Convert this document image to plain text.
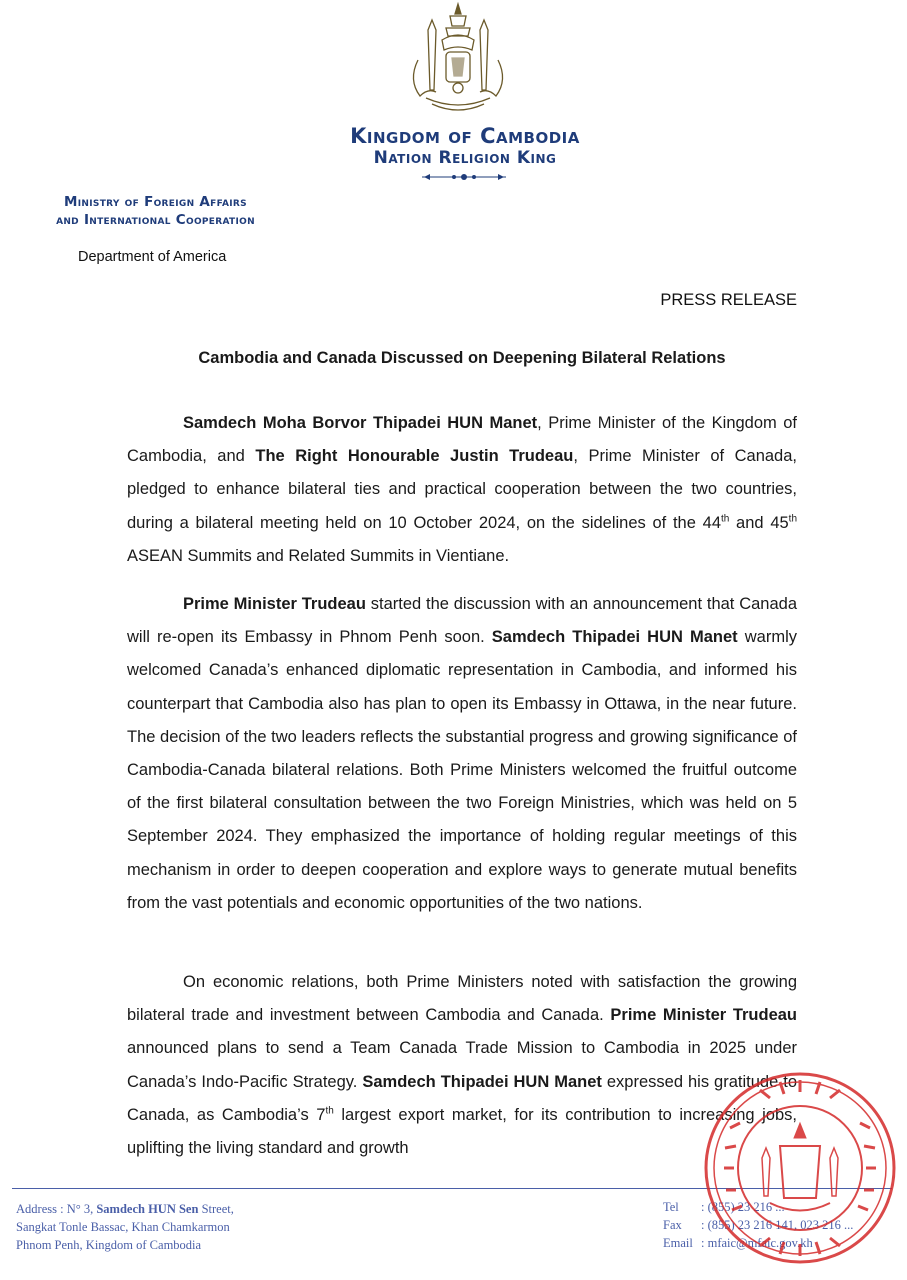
Kingdom of Cambodia
Nation Religion King
Ministry of Foreign Affairs
and International Cooperation
Department of America
PRESS RELEASE
Cambodia and Canada Discussed on Deepening Bilateral Relations

Samdech Moha Borvor Thipadei HUN Manet, Prime Minister of the Kingdom of Cambodia, and The Right Honourable Justin Trudeau, Prime Minister of Canada, pledged to enhance bilateral ties and practical cooperation between the two countries, during a bilateral meeting held on 10 October 2024, on the sidelines of the 44th and 45th ASEAN Summits and Related Summits in Vientiane.

Prime Minister Trudeau started the discussion with an announcement that Canada will re-open its Embassy in Phnom Penh soon. Samdech Thipadei HUN Manet warmly welcomed Canada’s enhanced diplomatic representation in Cambodia, and informed his counterpart that Cambodia also has plan to open its Embassy in Ottawa, in the near future. The decision of the two leaders reflects the substantial progress and growing significance of Cambodia-Canada bilateral relations. Both Prime Ministers welcomed the fruitful outcome of the first bilateral consultation between the two Foreign Ministries, which was held on 5 September 2024. They emphasized the importance of holding regular meetings of this mechanism in order to deepen cooperation and explore ways to generate mutual benefits from the vast potentials and economic opportunities of the two nations.

On economic relations, both Prime Ministers noted with satisfaction the growing bilateral trade and investment between Cambodia and Canada. Prime Minister Trudeau announced plans to send a Team Canada Trade Mission to Cambodia in 2025 under Canada’s Indo-Pacific Strategy. Samdech Thipadei HUN Manet expressed his gratitude to Canada, as Cambodia’s 7th largest export market, for its contribution to increasing jobs, uplifting the living standard and growth

Address : N° 3, Samdech HUN Sen Street,
Sangkat Tonle Bassac, Khan Chamkarmon
Phnom Penh, Kingdom of Cambodia
Tel : (855) 23 216 ...
Fax : (855) 23 216 141, 023 216 ...
Email : mfaic@mfaic.gov.kh
